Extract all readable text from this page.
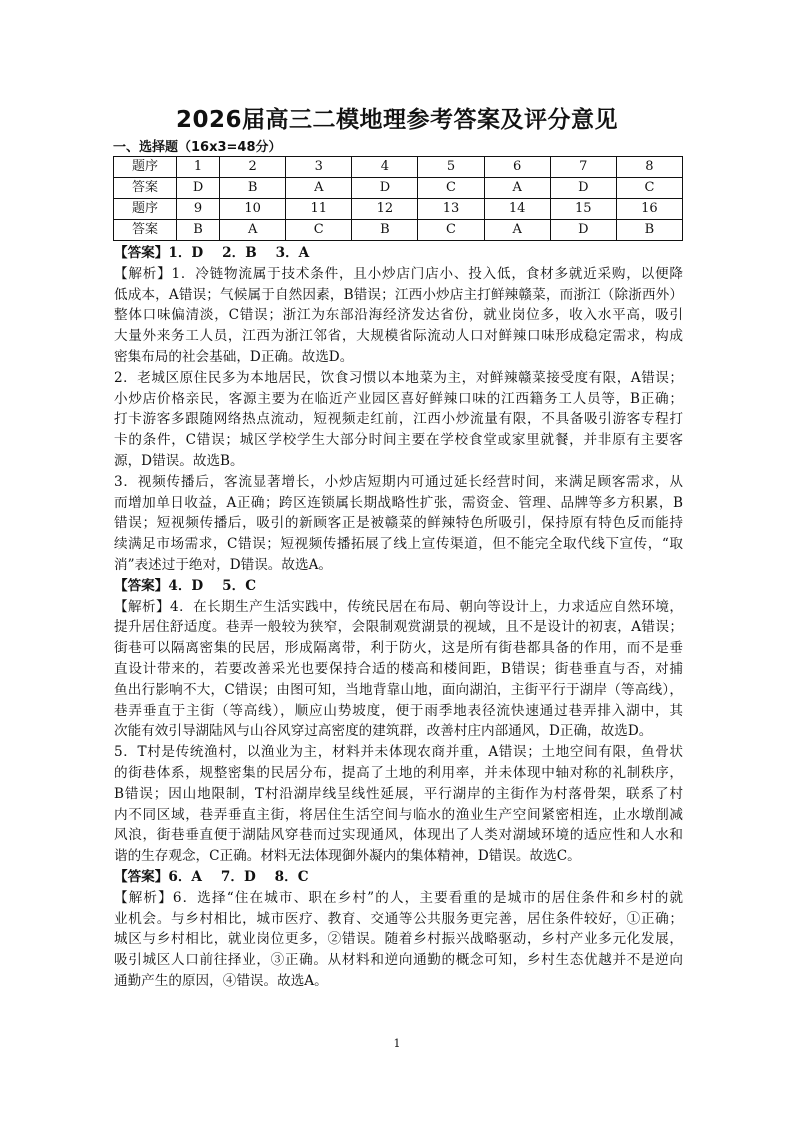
2026届高三二模地理参考答案及评分意见
一、选择题（16x3=48分）
题序	1	2	3	4	5	6	7	8
答案	D	B	A	D	C	A	D	C
题序	9	10	11	12	13	14	15	16
答案	B	A	C	B	C	A	D	B
【答案】1．D    2．B    3．A
【解析】1．冷链物流属于技术条件，且小炒店门店小、投入低，食材多就近采购，以便降
低成本，A错误；气候属于自然因素，B错误；江西小炒店主打鲜辣赣菜，而浙江（除浙西外）
整体口味偏清淡，C错误；浙江为东部沿海经济发达省份，就业岗位多，收入水平高，吸引
大量外来务工人员，江西为浙江邻省，大规模省际流动人口对鲜辣口味形成稳定需求，构成
密集布局的社会基础，D正确。故选D。
2．老城区原住民多为本地居民，饮食习惯以本地菜为主，对鲜辣赣菜接受度有限，A错误；
小炒店价格亲民，客源主要为在临近产业园区喜好鲜辣口味的江西籍务工人员等，B正确；
打卡游客多跟随网络热点流动，短视频走红前，江西小炒流量有限，不具备吸引游客专程打
卡的条件，C错误；城区学校学生大部分时间主要在学校食堂或家里就餐，并非原有主要客
源，D错误。故选B。
3．视频传播后，客流显著增长，小炒店短期内可通过延长经营时间，来满足顾客需求，从
而增加单日收益，A正确；跨区连锁属长期战略性扩张，需资金、管理、品牌等多方积累，B
错误；短视频传播后，吸引的新顾客正是被赣菜的鲜辣特色所吸引，保持原有特色反而能持
续满足市场需求，C错误；短视频传播拓展了线上宣传渠道，但不能完全取代线下宣传，“取
消”表述过于绝对，D错误。故选A。
【答案】4．D    5．C
【解析】4．在长期生产生活实践中，传统民居在布局、朝向等设计上，力求适应自然环境，
提升居住舒适度。巷弄一般较为狭窄，会限制观赏湖景的视域，且不是设计的初衷，A错误；
街巷可以隔离密集的民居，形成隔离带，利于防火，这是所有街巷都具备的作用，而不是垂
直设计带来的，若要改善采光也要保持合适的楼高和楼间距，B错误；街巷垂直与否，对捕
鱼出行影响不大，C错误；由图可知，当地背靠山地，面向湖泊，主街平行于湖岸（等高线），
巷弄垂直于主街（等高线），顺应山势坡度，便于雨季地表径流快速通过巷弄排入湖中，其
次能有效引导湖陆风与山谷风穿过高密度的建筑群，改善村庄内部通风，D正确，故选D。
5．T村是传统渔村，以渔业为主，材料并未体现农商并重，A错误；土地空间有限，鱼骨状
的街巷体系，规整密集的民居分布，提高了土地的利用率，并未体现中轴对称的礼制秩序，
B错误；因山地限制，T村沿湖岸线呈线性延展，平行湖岸的主街作为村落骨架，联系了村
内不同区域，巷弄垂直主街，将居住生活空间与临水的渔业生产空间紧密相连，止水墩削减
风浪，街巷垂直便于湖陆风穿巷而过实现通风，体现出了人类对湖域环境的适应性和人水和
谐的生存观念，C正确。材料无法体现御外凝内的集体精神，D错误。故选C。
【答案】6．A    7．D    8．C
【解析】6．选择“住在城市、职在乡村”的人，主要看重的是城市的居住条件和乡村的就
业机会。与乡村相比，城市医疗、教育、交通等公共服务更完善，居住条件较好，①正确；
城区与乡村相比，就业岗位更多，②错误。随着乡村振兴战略驱动，乡村产业多元化发展，
吸引城区人口前往择业，③正确。从材料和逆向通勤的概念可知，乡村生态优越并不是逆向
通勤产生的原因，④错误。故选A。
1
